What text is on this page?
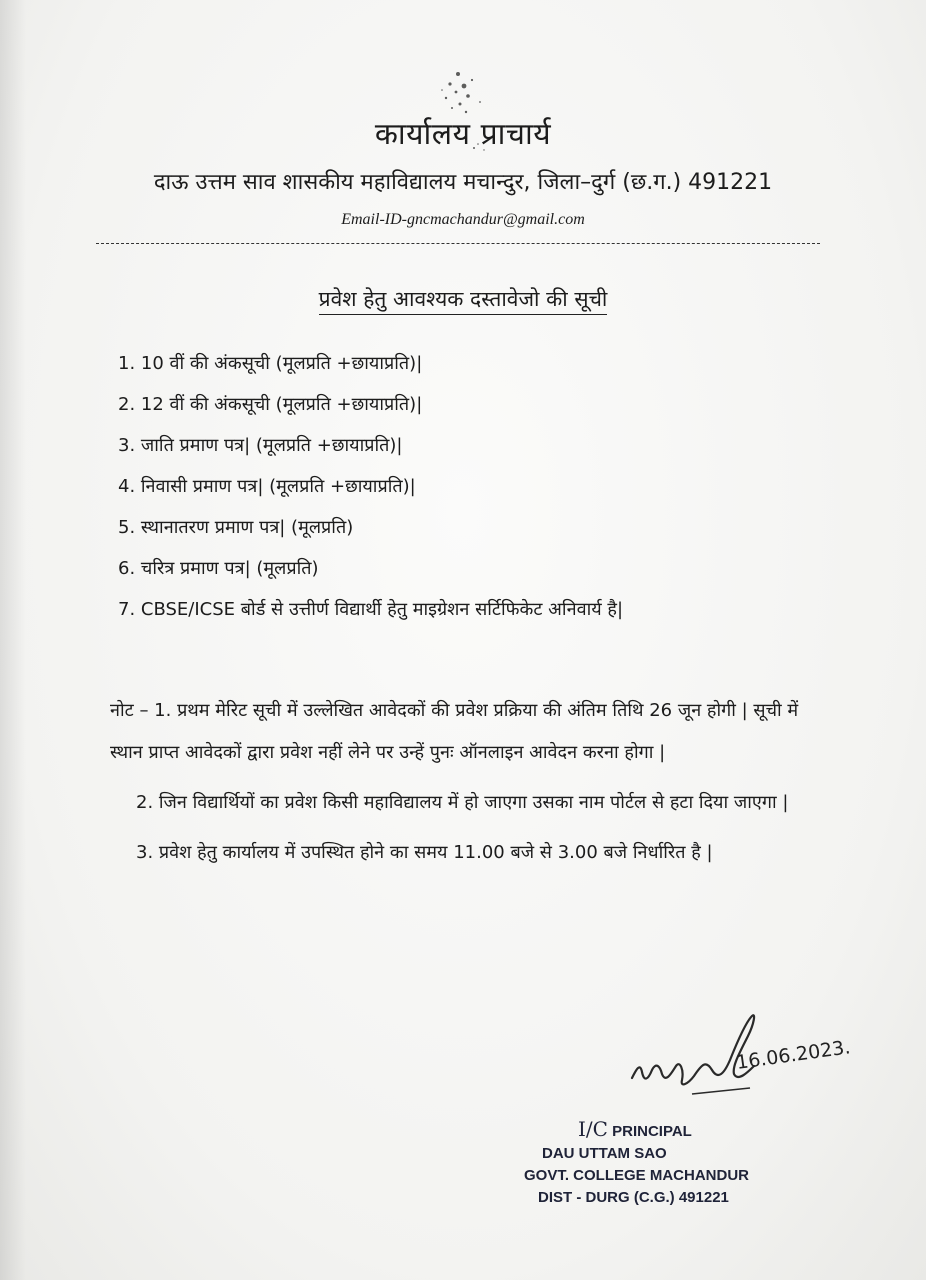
कार्यालय प्राचार्य
दाऊ उत्तम साव शासकीय महाविद्यालय मचान्दुर, जिला–दुर्ग (छ.ग.) 491221
Email-ID-gncmachandur@gmail.com
प्रवेश हेतु आवश्यक दस्तावेजो की सूची
1. 10 वीं की अंकसूची (मूलप्रति +छायाप्रति)|
2. 12 वीं की अंकसूची (मूलप्रति +छायाप्रति)|
3. जाति प्रमाण पत्र| (मूलप्रति +छायाप्रति)|
4. निवासी प्रमाण पत्र| (मूलप्रति +छायाप्रति)|
5. स्थानातरण प्रमाण पत्र| (मूलप्रति)
6. चरित्र प्रमाण पत्र| (मूलप्रति)
7. CBSE/ICSE बोर्ड से उत्तीर्ण विद्यार्थी हेतु माइग्रेशन सर्टिफिकेट अनिवार्य है|

नोट – 1. प्रथम मेरिट सूची में उल्लेखित आवेदकों की प्रवेश प्रक्रिया की अंतिम तिथि 26 जून होगी | सूची में स्थान प्राप्त आवेदकों द्वारा प्रवेश नहीं लेने पर उन्हें पुनः ऑनलाइन आवेदन करना होगा |

2. जिन विद्यार्थियों का प्रवेश किसी महाविद्यालय में हो जाएगा उसका नाम पोर्टल से हटा दिया जाएगा |

3. प्रवेश हेतु कार्यालय में उपस्थित होने का समय 11.00 बजे से 3.00 बजे निर्धारित है |

16.06.2023.
I/C PRINCIPAL
DAU UTTAM SAO
GOVT. COLLEGE MACHANDUR
DIST - DURG (C.G.) 491221
